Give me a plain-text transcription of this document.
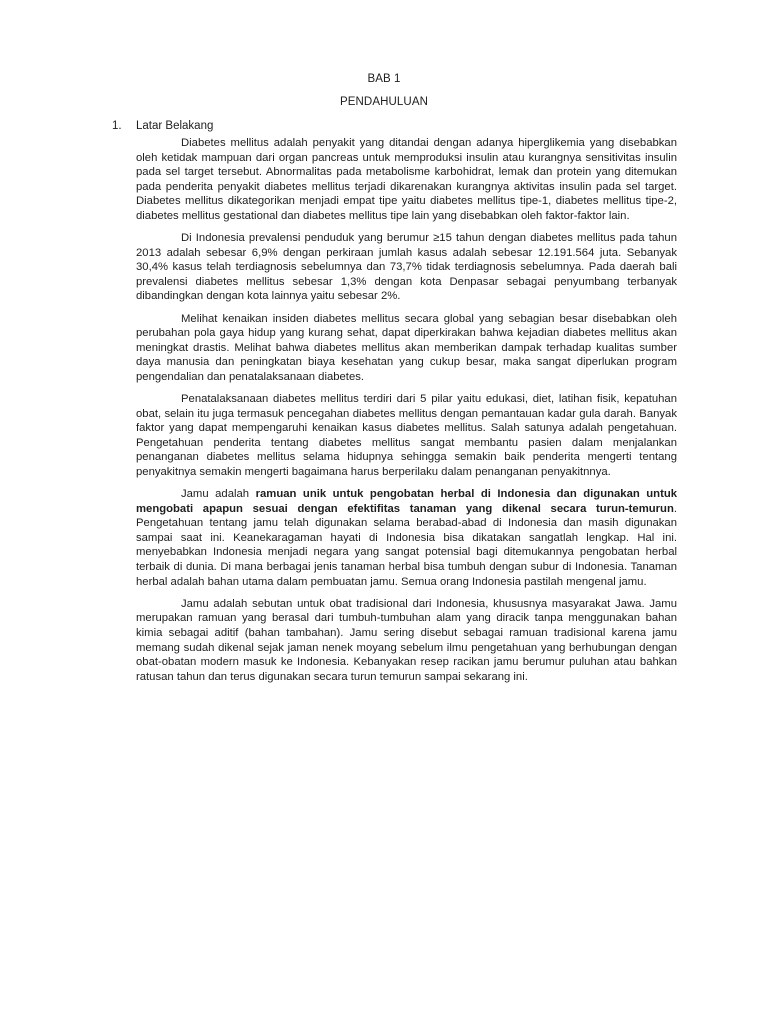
BAB 1
PENDAHULUAN
1. Latar Belakang

Diabetes mellitus adalah penyakit yang ditandai dengan adanya hiperglikemia yang disebabkan oleh ketidak mampuan dari organ pancreas untuk memproduksi insulin atau kurangnya sensitivitas insulin pada sel target tersebut. Abnormalitas pada metabolisme karbohidrat, lemak dan protein yang ditemukan pada penderita penyakit diabetes mellitus terjadi dikarenakan kurangnya aktivitas insulin pada sel target. Diabetes mellitus dikategorikan menjadi empat tipe yaitu diabetes mellitus tipe-1, diabetes mellitus tipe-2, diabetes mellitus gestational dan diabetes mellitus tipe lain yang disebabkan oleh faktor-faktor lain.

Di Indonesia prevalensi penduduk yang berumur ≥15 tahun dengan diabetes mellitus pada tahun 2013 adalah sebesar 6,9% dengan perkiraan jumlah kasus adalah sebesar 12.191.564 juta. Sebanyak 30,4% kasus telah terdiagnosis sebelumnya dan 73,7% tidak terdiagnosis sebelumnya. Pada daerah bali prevalensi diabetes mellitus sebesar 1,3% dengan kota Denpasar sebagai penyumbang terbanyak dibandingkan dengan kota lainnya yaitu sebesar 2%.

Melihat kenaikan insiden diabetes mellitus secara global yang sebagian besar disebabkan oleh perubahan pola gaya hidup yang kurang sehat, dapat diperkirakan bahwa kejadian diabetes mellitus akan meningkat drastis. Melihat bahwa diabetes mellitus akan memberikan dampak terhadap kualitas sumber daya manusia dan peningkatan biaya kesehatan yang cukup besar, maka sangat diperlukan program pengendalian dan penatalaksanaan diabetes.

Penatalaksanaan diabetes mellitus terdiri dari 5 pilar yaitu edukasi, diet, latihan fisik, kepatuhan obat, selain itu juga termasuk pencegahan diabetes mellitus dengan pemantauan kadar gula darah. Banyak faktor yang dapat mempengaruhi kenaikan kasus diabetes mellitus. Salah satunya adalah pengetahuan. Pengetahuan penderita tentang diabetes mellitus sangat membantu pasien dalam menjalankan penanganan diabetes mellitus selama hidupnya sehingga semakin baik penderita mengerti tentang penyakitnya semakin mengerti bagaimana harus berperilaku dalam penanganan penyakitnnya.

Jamu adalah ramuan unik untuk pengobatan herbal di Indonesia dan digunakan untuk mengobati apapun sesuai dengan efektifitas tanaman yang dikenal secara turun-temurun. Pengetahuan tentang jamu telah digunakan selama berabad-abad di Indonesia dan masih digunakan sampai saat ini. Keanekaragaman hayati di Indonesia bisa dikatakan sangatlah lengkap. Hal ini. menyebabkan Indonesia menjadi negara yang sangat potensial bagi ditemukannya pengobatan herbal terbaik di dunia. Di mana berbagai jenis tanaman herbal bisa tumbuh dengan subur di Indonesia. Tanaman herbal adalah bahan utama dalam pembuatan jamu. Semua orang Indonesia pastilah mengenal jamu.

Jamu adalah sebutan untuk obat tradisional dari Indonesia, khususnya masyarakat Jawa. Jamu merupakan ramuan yang berasal dari tumbuh-tumbuhan alam yang diracik tanpa menggunakan bahan kimia sebagai aditif (bahan tambahan). Jamu sering disebut sebagai ramuan tradisional karena jamu memang sudah dikenal sejak jaman nenek moyang sebelum ilmu pengetahuan yang berhubungan dengan obat-obatan modern masuk ke Indonesia. Kebanyakan resep racikan jamu berumur puluhan atau bahkan ratusan tahun dan terus digunakan secara turun temurun sampai sekarang ini.
